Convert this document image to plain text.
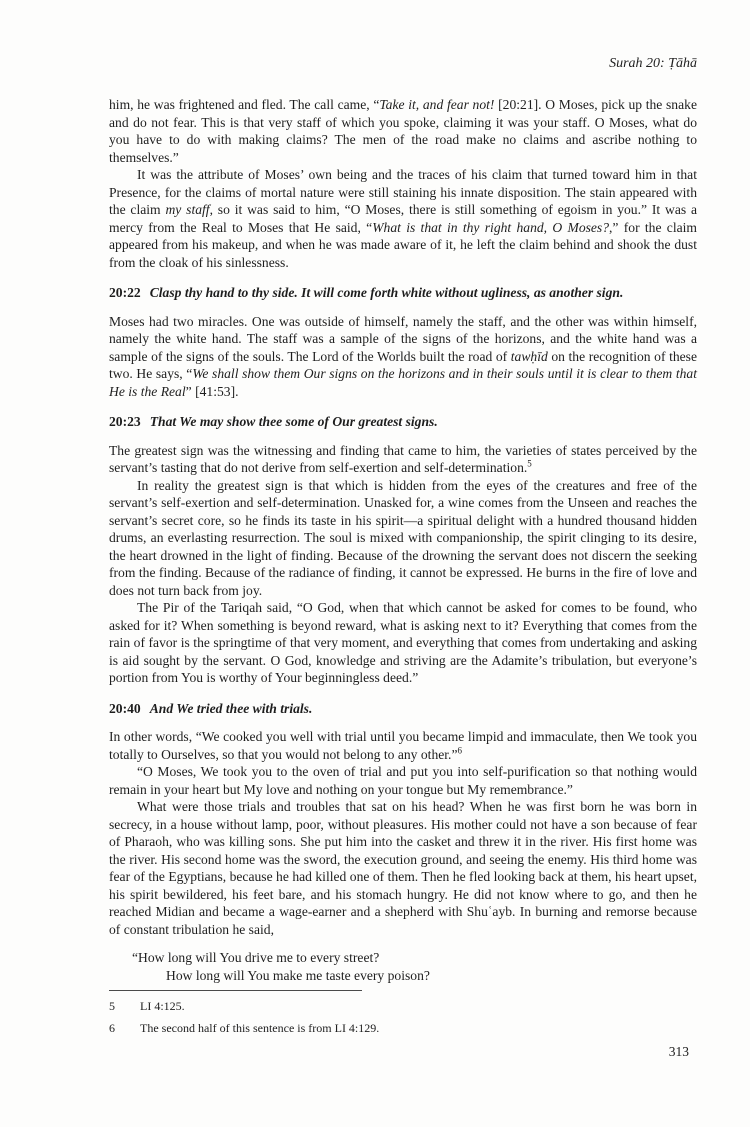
Surah 20: Ṭāhā

him, he was frightened and fled. The call came, “Take it, and fear not! [20:21]. O Moses, pick up the snake and do not fear. This is that very staff of which you spoke, claiming it was your staff. O Moses, what do you have to do with making claims? The men of the road make no claims and ascribe nothing to themselves.”

It was the attribute of Moses’ own being and the traces of his claim that turned toward him in that Presence, for the claims of mortal nature were still staining his innate disposition. The stain appeared with the claim my staff, so it was said to him, “O Moses, there is still something of egoism in you.” It was a mercy from the Real to Moses that He said, “What is that in thy right hand, O Moses?,” for the claim appeared from his makeup, and when he was made aware of it, he left the claim behind and shook the dust from the cloak of his sinlessness.

20:22 Clasp thy hand to thy side. It will come forth white without ugliness, as another sign.

Moses had two miracles. One was outside of himself, namely the staff, and the other was within himself, namely the white hand. The staff was a sample of the signs of the horizons, and the white hand was a sample of the signs of the souls. The Lord of the Worlds built the road of tawḥīd on the recognition of these two. He says, “We shall show them Our signs on the horizons and in their souls until it is clear to them that He is the Real” [41:53].

20:23 That We may show thee some of Our greatest signs.

The greatest sign was the witnessing and finding that came to him, the varieties of states perceived by the servant’s tasting that do not derive from self-exertion and self-determination.$^5$

In reality the greatest sign is that which is hidden from the eyes of the creatures and free of the servant’s self-exertion and self-determination. Unasked for, a wine comes from the Unseen and reaches the servant’s secret core, so he finds its taste in his spirit—a spiritual delight with a hundred thousand hidden drums, an everlasting resurrection. The soul is mixed with companionship, the spirit clinging to its desire, the heart drowned in the light of finding. Because of the drowning the servant does not discern the seeking from the finding. Because of the radiance of finding, it cannot be expressed. He burns in the fire of love and does not turn back from joy.

The Pir of the Tariqah said, “O God, when that which cannot be asked for comes to be found, who asked for it? When something is beyond reward, what is asking next to it? Everything that comes from the rain of favor is the springtime of that very moment, and everything that comes from undertaking and asking is aid sought by the servant. O God, knowledge and striving are the Adamite’s tribulation, but everyone’s portion from You is worthy of Your beginningless deed.”

20:40 And We tried thee with trials.

In other words, “We cooked you well with trial until you became limpid and immaculate, then We took you totally to Ourselves, so that you would not belong to any other.”$^6$

“O Moses, We took you to the oven of trial and put you into self-purification so that nothing would remain in your heart but My love and nothing on your tongue but My remembrance.”

What were those trials and troubles that sat on his head? When he was first born he was born in secrecy, in a house without lamp, poor, without pleasures. His mother could not have a son because of fear of Pharaoh, who was killing sons. She put him into the casket and threw it in the river. His first home was the river. His second home was the sword, the execution ground, and seeing the enemy. His third home was fear of the Egyptians, because he had killed one of them. Then he fled looking back at them, his heart upset, his spirit bewildered, his feet bare, and his stomach hungry. He did not know where to go, and then he reached Midian and became a wage-earner and a shepherd with Shuʿayb. In burning and remorse because of constant tribulation he said,

“How long will You drive me to every street?

How long will You make me taste every poison?

5	LI 4:125.
6	The second half of this sentence is from LI 4:129.
313
